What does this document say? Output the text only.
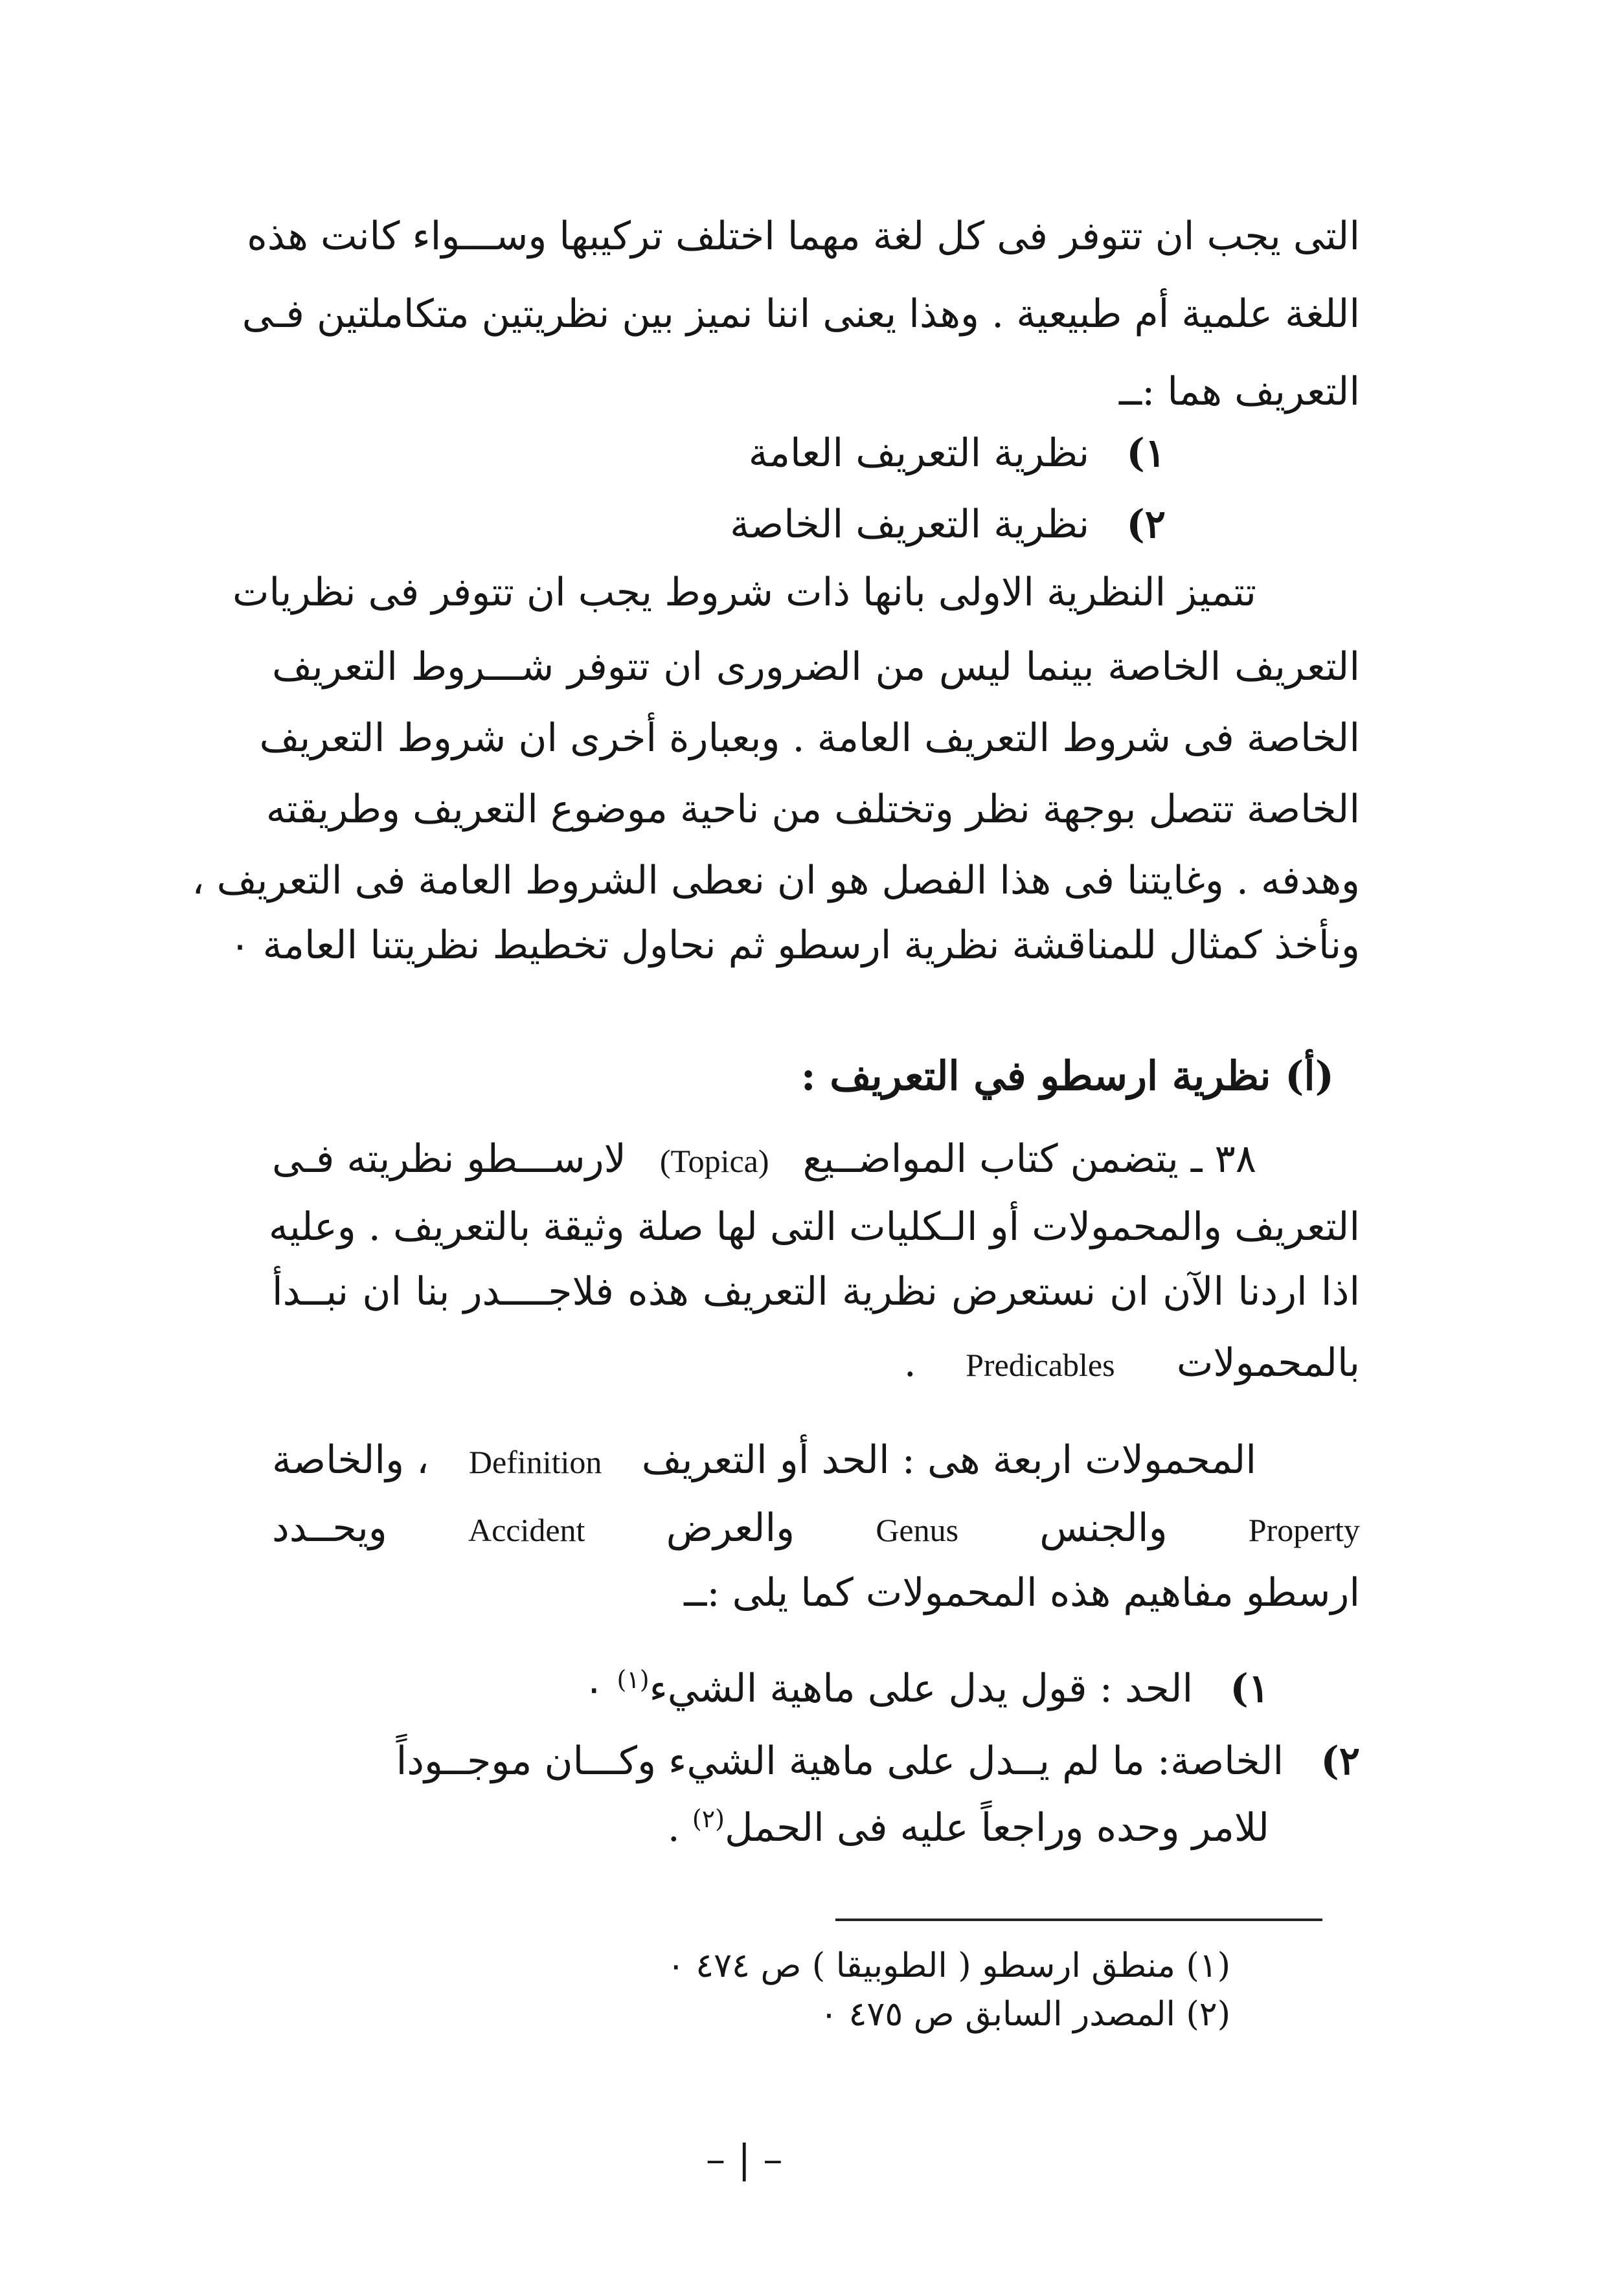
التى يجب ان تتوفر فى كل لغة مهما اختلف تركيبها وســـواء كانت هذه
اللغة علمية أم طبيعية . وهذا يعنى اننا نميز بين نظريتين متكاملتين فـى
التعريف هما :ــ
١)   نظرية التعريف العامة
٢)   نظرية التعريف الخاصة
تتميز النظرية الاولى بانها ذات شروط يجب ان تتوفر فى نظريات
التعريف الخاصة بينما ليس من الضرورى ان تتوفر شـــروط التعريف
الخاصة فى شروط التعريف العامة . وبعبارة أخرى ان شروط التعريف
الخاصة تتصل بوجهة نظر وتختلف من ناحية موضوع التعريف وطريقته
وهدفه . وغايتنا فى هذا الفصل هو ان نعطى الشروط العامة فى التعريف ،
ونأخذ كمثال للمناقشة نظرية ارسطو ثم نحاول تخطيط نظريتنا العامة ٠
(أ) نظرية ارسطو في التعريف :
٣٨ ـ يتضمن كتاب المواضــيع
(Topica)
لارســـطو نظريته فـى
التعريف والمحمولات أو الـكليات التى لها صلة وثيقة بالتعريف . وعليه
اذا اردنا الآن ان نستعرض نظرية التعريف هذه فلاجــــدر بنا ان نبــدأ
بالمحمولات     Predicables    .
المحمولات اربعة هى : الحد أو التعريف
Definition
، والخاصة
ويحــدد	Accident والعرض	Genus والجنس	Property
ارسطو مفاهيم هذه المحمولات كما يلى :ــ
١)   الحد : قول يدل على ماهية الشيء$^{(١)}$ ٠
٢)   الخاصة: ما لم يــدل على ماهية الشيء وكـــان موجــوداً
للامر وحده وراجعاً عليه فى الحمل$^{(٢)}$ .
(١) منطق ارسطو ( الطوبيقا ) ص ٤٧٤ ٠
(٢) المصدر السابق ص ٤٧٥ ٠
– | –
